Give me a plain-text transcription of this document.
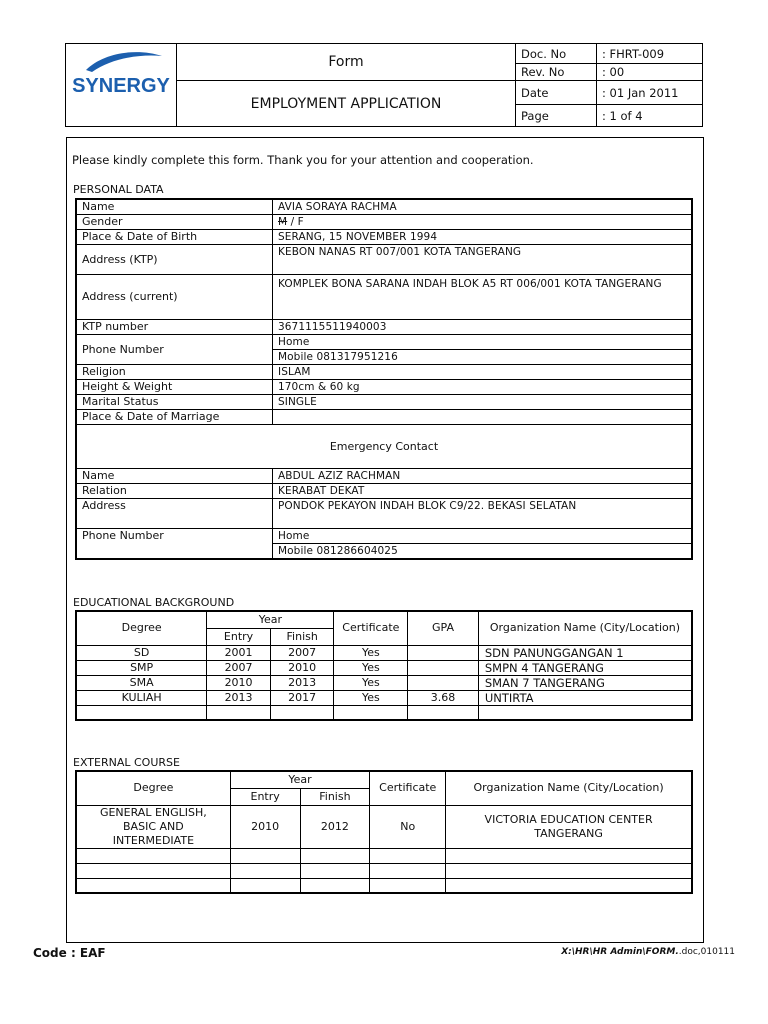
SYNERGY	Form	Doc. No	: FHRT-009
		Rev. No	: 00
	EMPLOYMENT APPLICATION	Date	: 01 Jan 2011
		Page	: 1 of 4
Please kindly complete this form. Thank you for your attention and cooperation.
PERSONAL DATA
Name	AVIA SORAYA RACHMA
Gender	M / F
Place & Date of Birth	SERANG, 15 NOVEMBER 1994
Address (KTP)	KEBON NANAS RT 007/001 KOTA TANGERANG
Address (current)	KOMPLEK BONA SARANA INDAH BLOK A5 RT 006/001 KOTA TANGERANG
KTP number	3671115511940003
Phone Number	Home
	Mobile 081317951216
Religion	ISLAM
Height & Weight	170cm & 60 kg
Marital Status	SINGLE
Place & Date of Marriage	
Emergency Contact	
Name	ABDUL AZIZ RACHMAN
Relation	KERABAT DEKAT
Address	PONDOK PEKAYON INDAH BLOK C9/22. BEKASI SELATAN
Phone Number	Home
	Mobile 081286604025
EDUCATIONAL BACKGROUND
Degree	Year		Certificate	GPA	Organization Name (City/Location)
	Entry	Finish			
SD	2001	2007	Yes		SDN PANUNGGANGAN 1
SMP	2007	2010	Yes		SMPN 4 TANGERANG
SMA	2010	2013	Yes		SMAN 7 TANGERANG
KULIAH	2013	2017	Yes	3.68	UNTIRTA

EXTERNAL COURSE
Degree	Year		Certificate	Organization Name (City/Location)
	Entry	Finish		
GENERAL ENGLISH, BASIC AND INTERMEDIATE	2010	2012	No	VICTORIA EDUCATION CENTER TANGERANG

Code : EAF	X:\HR\HR Admin\FORM..doc,010111
